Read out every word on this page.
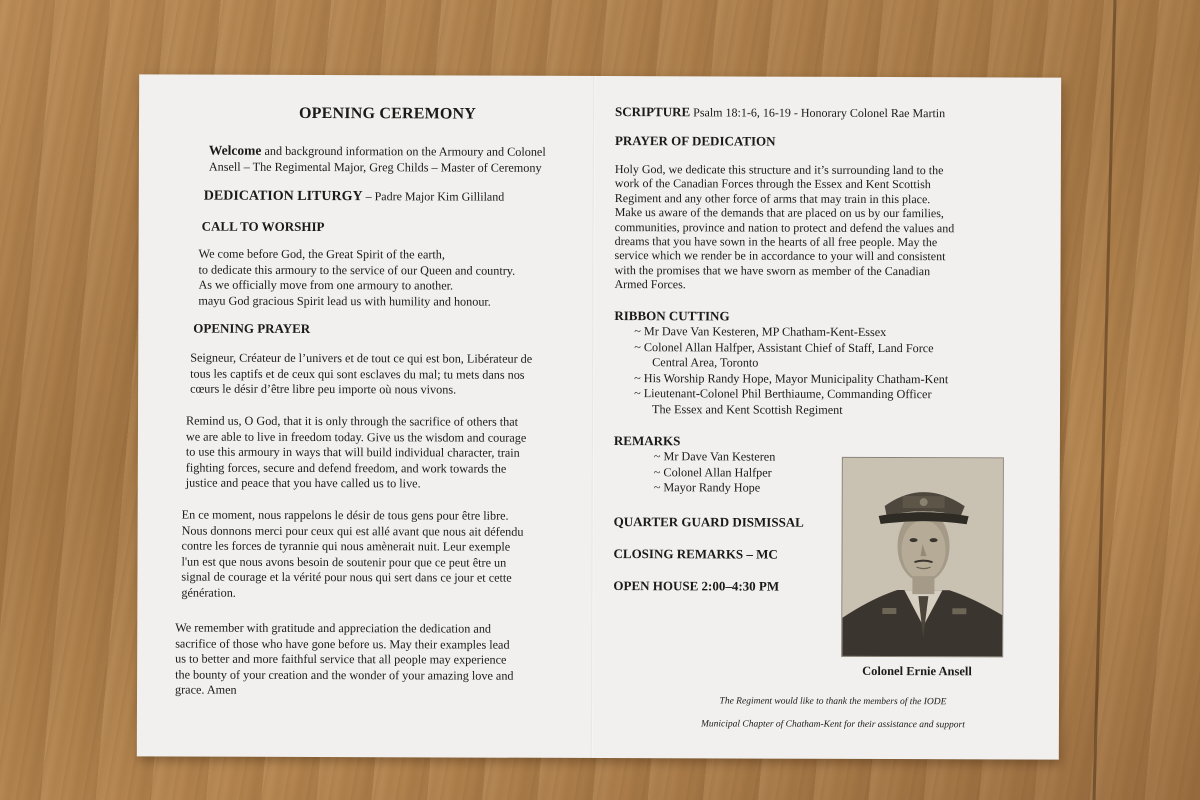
OPENING CEREMONY
Welcome and background information on the Armoury and Colonel
Ansell – The Regimental Major, Greg Childs – Master of Ceremony
DEDICATION LITURGY – Padre Major Kim Gilliland
CALL TO WORSHIP
We come before God, the Great Spirit of the earth,
to dedicate this armoury to the service of our Queen and country.
As we officially move from one armoury to another.
mayu God gracious Spirit lead us with humility and honour.
OPENING PRAYER
Seigneur, Créateur de l’univers et de tout ce qui est bon, Libérateur de
tous les captifs et de ceux qui sont esclaves du mal; tu mets dans nos
cœurs le désir d’être libre peu importe où nous vivons.
Remind us, O God, that it is only through the sacrifice of others that
we are able to live in freedom today. Give us the wisdom and courage
to use this armoury in ways that will build individual character, train
fighting forces, secure and defend freedom, and work towards the
justice and peace that you have called us to live.
En ce moment, nous rappelons le désir de tous gens pour être libre.
Nous donnons merci pour ceux qui est allé avant que nous ait défendu
contre les forces de tyrannie qui nous amènerait nuit. Leur exemple
l'un est que nous avons besoin de soutenir pour que ce peut être un
signal de courage et la vérité pour nous qui sert dans ce jour et cette
génération.
We remember with gratitude and appreciation the dedication and
sacrifice of those who have gone before us. May their examples lead
us to better and more faithful service that all people may experience
the bounty of your creation and the wonder of your amazing love and
grace. Amen
SCRIPTURE Psalm 18:1-6, 16-19 - Honorary Colonel Rae Martin
PRAYER OF DEDICATION
Holy God, we dedicate this structure and it’s surrounding land to the
work of the Canadian Forces through the Essex and Kent Scottish
Regiment and any other force of arms that may train in this place.
Make us aware of the demands that are placed on us by our families,
communities, province and nation to protect and defend the values and
dreams that you have sown in the hearts of all free people. May the
service which we render be in accordance to your will and consistent
with the promises that we have sworn as member of the Canadian
Armed Forces.
RIBBON CUTTING
~ Mr Dave Van Kesteren, MP Chatham-Kent-Essex
~ Colonel Allan Halfper, Assistant Chief of Staff, Land Force
Central Area, Toronto
~ His Worship Randy Hope, Mayor Municipality Chatham-Kent
~ Lieutenant-Colonel Phil Berthiaume, Commanding Officer
The Essex and Kent Scottish Regiment
REMARKS
~ Mr Dave Van Kesteren
~ Colonel Allan Halfper
~ Mayor Randy Hope
QUARTER GUARD DISMISSAL
CLOSING REMARKS – MC
OPEN HOUSE 2:00–4:30 PM
Colonel Ernie Ansell
The Regiment would like to thank the members of the IODE
Municipal Chapter of Chatham-Kent for their assistance and support
